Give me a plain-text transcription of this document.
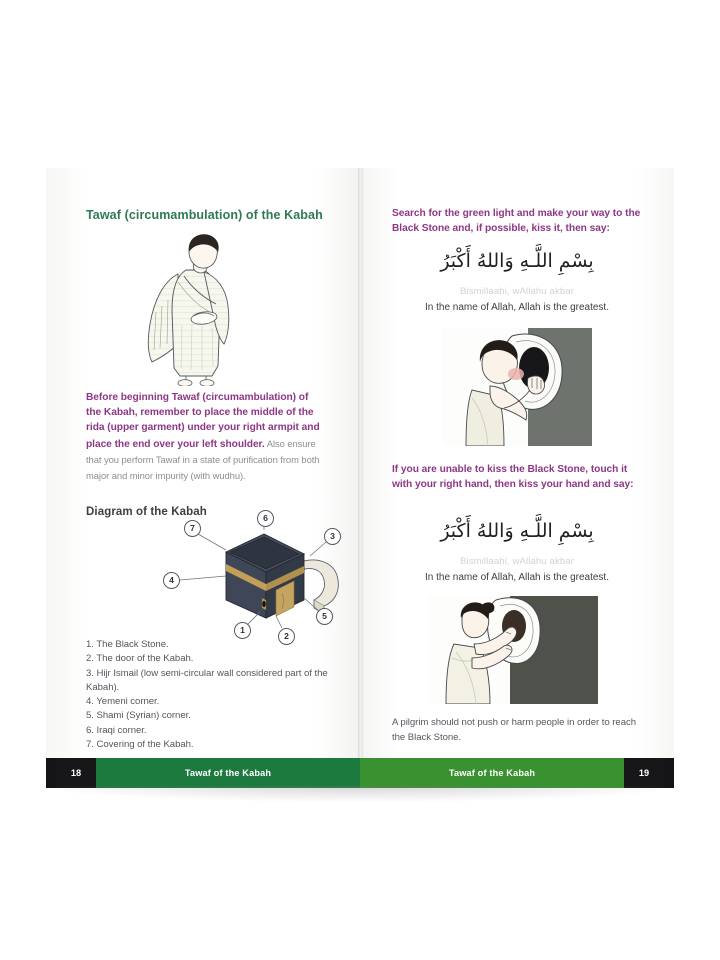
Tawaf (circumambulation) of the Kabah
Before beginning Tawaf (circumambulation) of the Kabah, remember to place the middle of the rida (upper garment) under your right armpit and place the end over your left shoulder. Also ensure that you perform Tawaf in a state of purification from both major and minor impurity (with wudhu).
Diagram of the Kabah
7
6
3
4
5
1
2
1. The Black Stone.
2. The door of the Kabah.
3. Hijr Ismail (low semi-circular wall considered part of the Kabah).
4. Yemeni corner.
5. Shami (Syrian) corner.
6. Iraqi corner.
7. Covering of the Kabah.
Search for the green light and make your way to the Black Stone and, if possible, kiss it, then say:
بِسْمِ اللَّـهِ وَاللهُ أَكْبَرُ
Bismillaahi, wAllahu akbar
In the name of Allah, Allah is the greatest.
If you are unable to kiss the Black Stone, touch it with your right hand, then kiss your hand and say:
بِسْمِ اللَّـهِ وَاللهُ أَكْبَرُ
Bismillaahi, wAllahu akbar
In the name of Allah, Allah is the greatest.
A pilgrim should not push or harm people in order to reach the Black Stone.
18	Tawaf of the Kabah	Tawaf of the Kabah	19
